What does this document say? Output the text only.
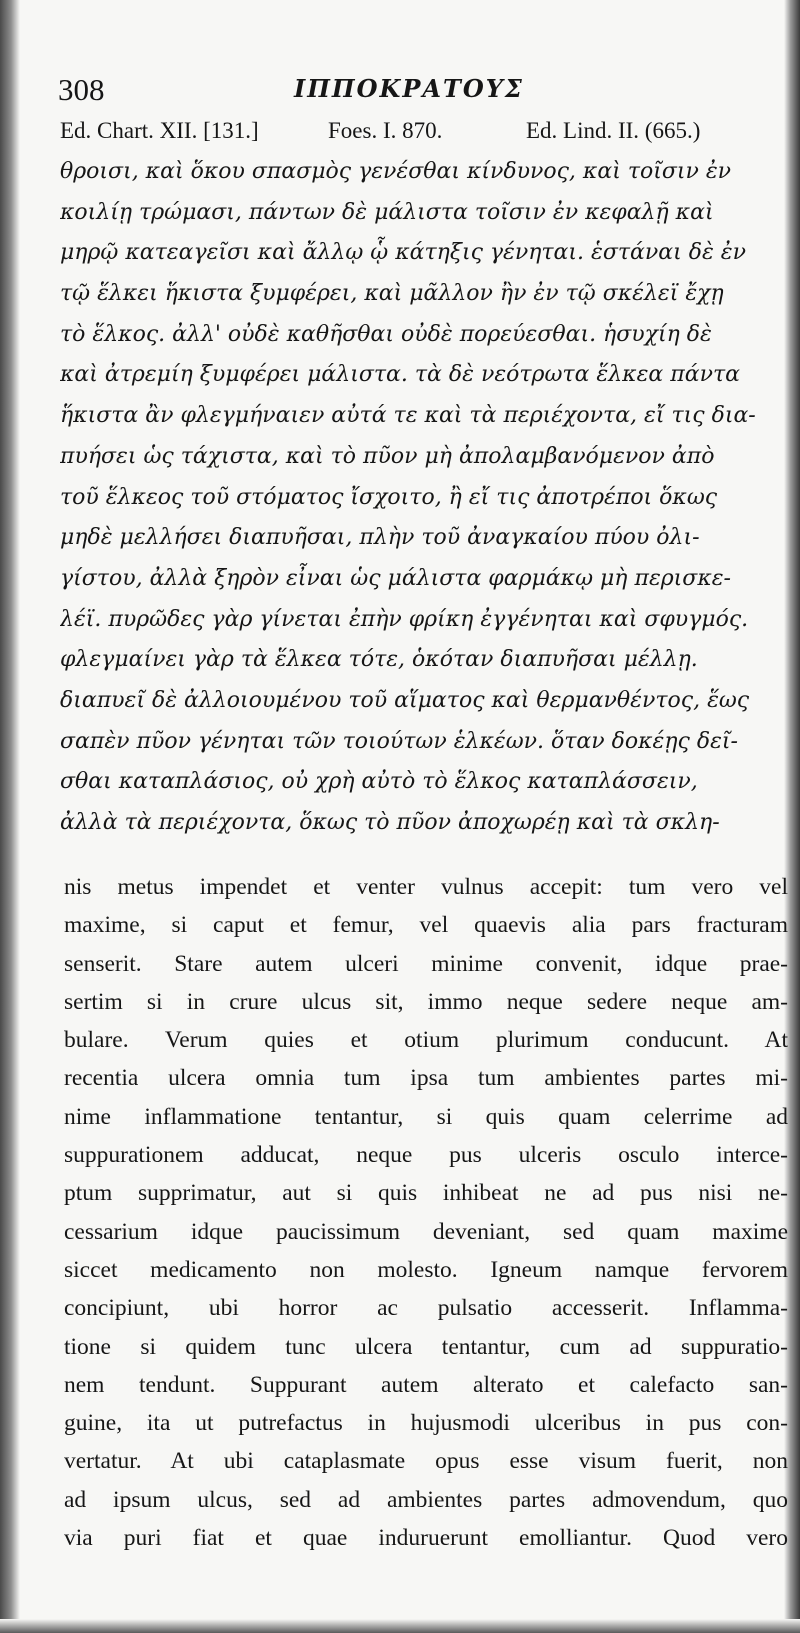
308	ΙΠΠΟΚΡΑΤΟΥΣ
Ed. Chart. XII. [131.]	Foes. I. 870.	Ed. Lind. II. (665.)
θροισι, καὶ ὅκου σπασμὸς γενέσθαι κίνδυνος, καὶ τοῖσιν ἐν
κοιλίῃ τρώμασι, πάντων δὲ μάλιστα τοῖσιν ἐν κεφαλῇ καὶ
μηρῷ κατεαγεῖσι καὶ ἄλλῳ ᾧ κάτηξις γένηται. ἑστάναι δὲ ἐν
τῷ ἕλκει ἥκιστα ξυμφέρει, καὶ μᾶλλον ἢν ἐν τῷ σκέλεϊ ἔχῃ
τὸ ἕλκος. ἀλλ' οὐδὲ καθῆσθαι οὐδὲ πορεύεσθαι. ἡσυχίη δὲ
καὶ ἀτρεμίη ξυμφέρει μάλιστα. τὰ δὲ νεότρωτα ἕλκεα πάντα
ἥκιστα ἂν φλεγμήναιεν αὐτά τε καὶ τὰ περιέχοντα, εἴ τις δια-
πυήσει ὡς τάχιστα, καὶ τὸ πῦον μὴ ἀπολαμβανόμενον ἀπὸ
τοῦ ἕλκεος τοῦ στόματος ἴσχοιτο, ἢ εἴ τις ἀποτρέποι ὅκως
μηδὲ μελλήσει διαπυῆσαι, πλὴν τοῦ ἀναγκαίου πύου ὀλι-
γίστου, ἀλλὰ ξηρὸν εἶναι ὡς μάλιστα φαρμάκῳ μὴ περισκε-
λέϊ. πυρῶδες γὰρ γίνεται ἐπὴν φρίκη ἐγγένηται καὶ σφυγμός.
φλεγμαίνει γὰρ τὰ ἕλκεα τότε, ὁκόταν διαπυῆσαι μέλλῃ.
διαπυεῖ δὲ ἀλλοιουμένου τοῦ αἵματος καὶ θερμανθέντος, ἕως
σαπὲν πῦον γένηται τῶν τοιούτων ἑλκέων. ὅταν δοκέῃς δεῖ-
σθαι καταπλάσιος, οὐ χρὴ αὐτὸ τὸ ἕλκος καταπλάσσειν,
ἀλλὰ τὰ περιέχοντα, ὅκως τὸ πῦον ἀποχωρέῃ καὶ τὰ σκλη-
nis metus impendet et venter vulnus accepit: tum vero vel
maxime, si caput et femur, vel quaevis alia pars fracturam
senserit. Stare autem ulceri minime convenit, idque prae-
sertim si in crure ulcus sit, immo neque sedere neque am-
bulare. Verum quies et otium plurimum conducunt. At
recentia ulcera omnia tum ipsa tum ambientes partes mi-
nime inflammatione tentantur, si quis quam celerrime ad
suppurationem adducat, neque pus ulceris osculo interce-
ptum supprimatur, aut si quis inhibeat ne ad pus nisi ne-
cessarium idque paucissimum deveniant, sed quam maxime
siccet medicamento non molesto. Igneum namque fervorem
concipiunt, ubi horror ac pulsatio accesserit. Inflamma-
tione si quidem tunc ulcera tentantur, cum ad suppuratio-
nem tendunt. Suppurant autem alterato et calefacto san-
guine, ita ut putrefactus in hujusmodi ulceribus in pus con-
vertatur. At ubi cataplasmate opus esse visum fuerit, non
ad ipsum ulcus, sed ad ambientes partes admovendum, quo
via puri fiat et quae induruerunt emolliantur. Quod vero
